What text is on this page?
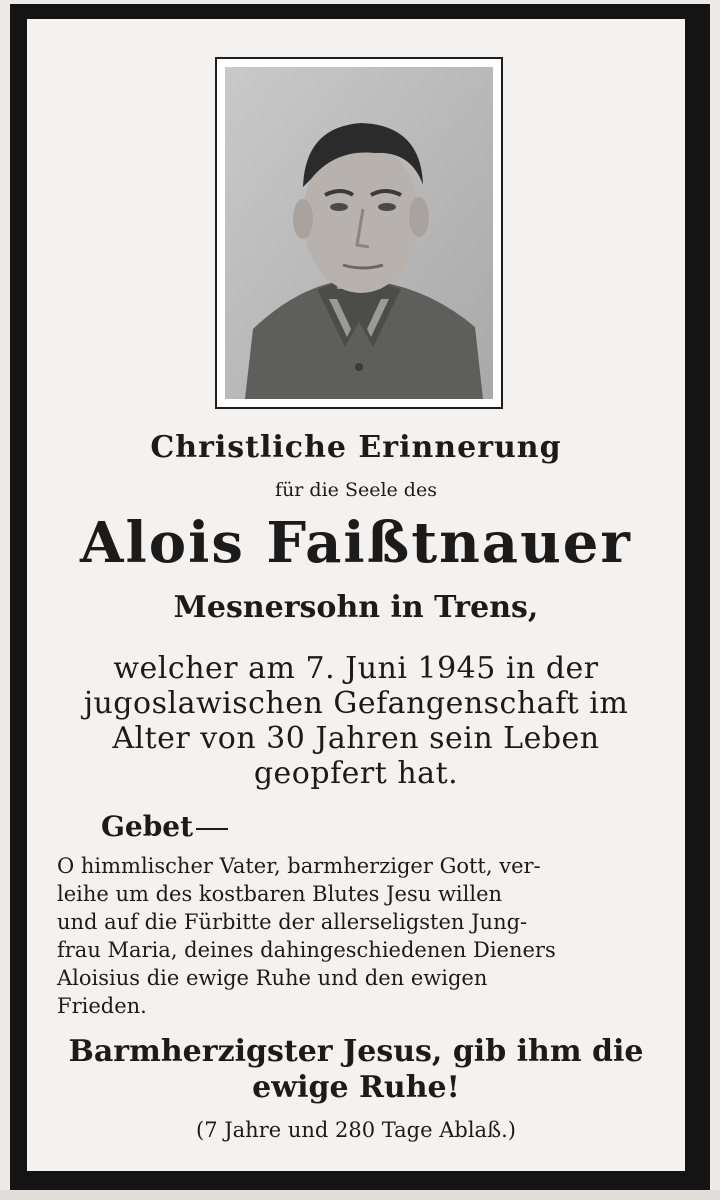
Christliche Erinnerung
für die Seele des
Alois Faißtnauer
Mesnersohn in Trens,
welcher am 7. Juni 1945 in der
jugoslawischen Gefangenschaft im
Alter von 30 Jahren sein Leben
geopfert hat.
Gebet
O himmlischer Vater, barmherziger Gott, ver-
leihe um des kostbaren Blutes Jesu willen
und auf die Fürbitte der allerseligsten Jung-
frau Maria, deines dahingeschiedenen Dieners
Aloisius die ewige Ruhe und den ewigen
Frieden.
Barmherzigster Jesus, gib ihm die
ewige Ruhe!
(7 Jahre und 280 Tage Ablaß.)
